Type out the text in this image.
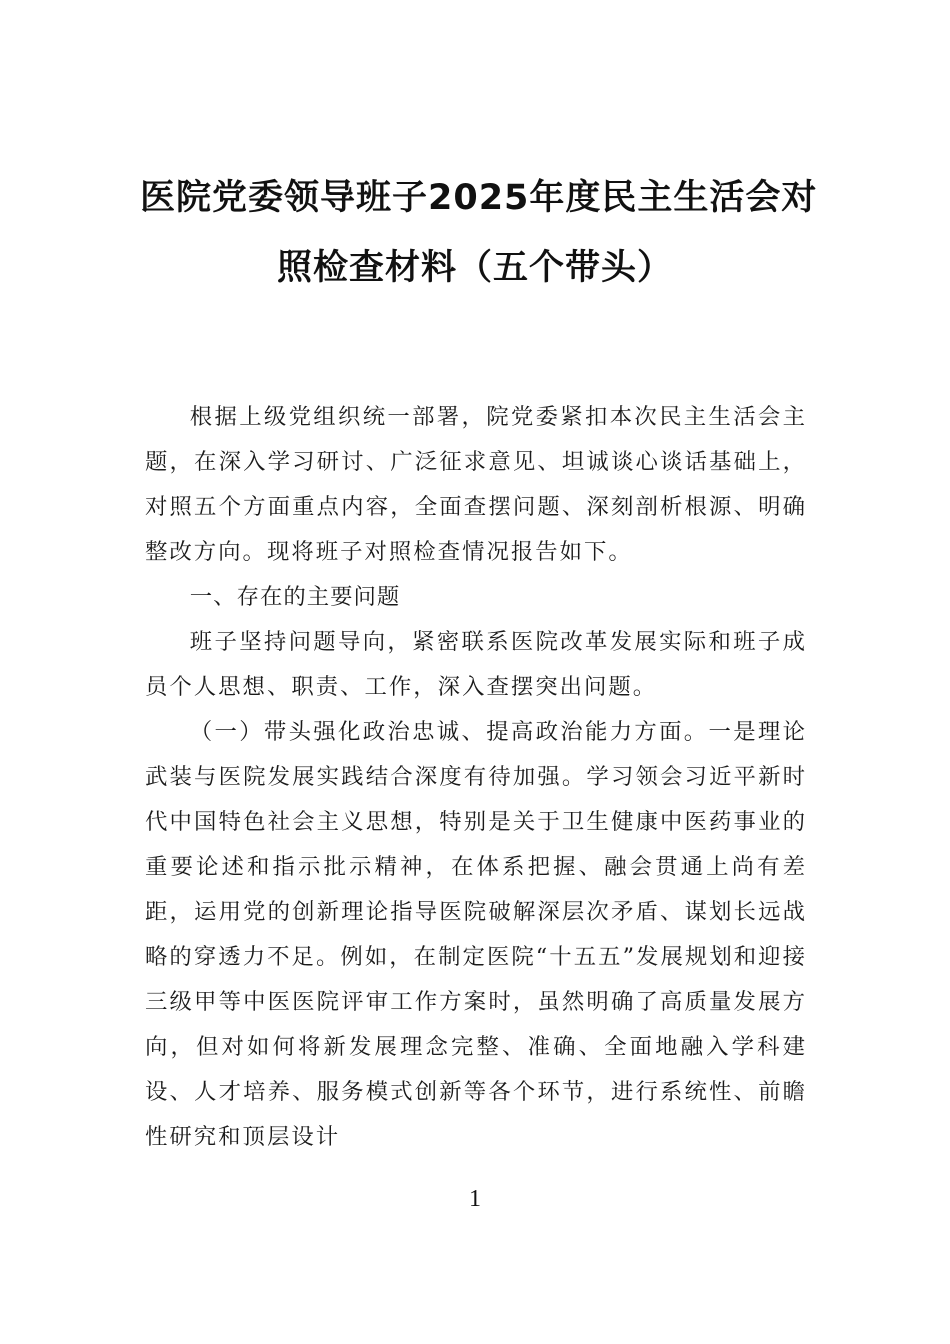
医院党委领导班子2025年度民主生活会对
照检查材料（五个带头）

根据上级党组织统一部署，院党委紧扣本次民主生活会主题，在深入学习研讨、广泛征求意见、坦诚谈心谈话基础上，对照五个方面重点内容，全面查摆问题、深刻剖析根源、明确整改方向。现将班子对照检查情况报告如下。

一、存在的主要问题

班子坚持问题导向，紧密联系医院改革发展实际和班子成员个人思想、职责、工作，深入查摆突出问题。

（一）带头强化政治忠诚、提高政治能力方面。一是理论武装与医院发展实践结合深度有待加强。学习领会习近平新时代中国特色社会主义思想，特别是关于卫生健康中医药事业的重要论述和指示批示精神，在体系把握、融会贯通上尚有差距，运用党的创新理论指导医院破解深层次矛盾、谋划长远战略的穿透力不足。例如，在制定医院“十五五”发展规划和迎接三级甲等中医医院评审工作方案时，虽然明确了高质量发展方向，但对如何将新发展理念完整、准确、全面地融入学科建设、人才培养、服务模式创新等各个环节，进行系统性、前瞻性研究和顶层设计

1
